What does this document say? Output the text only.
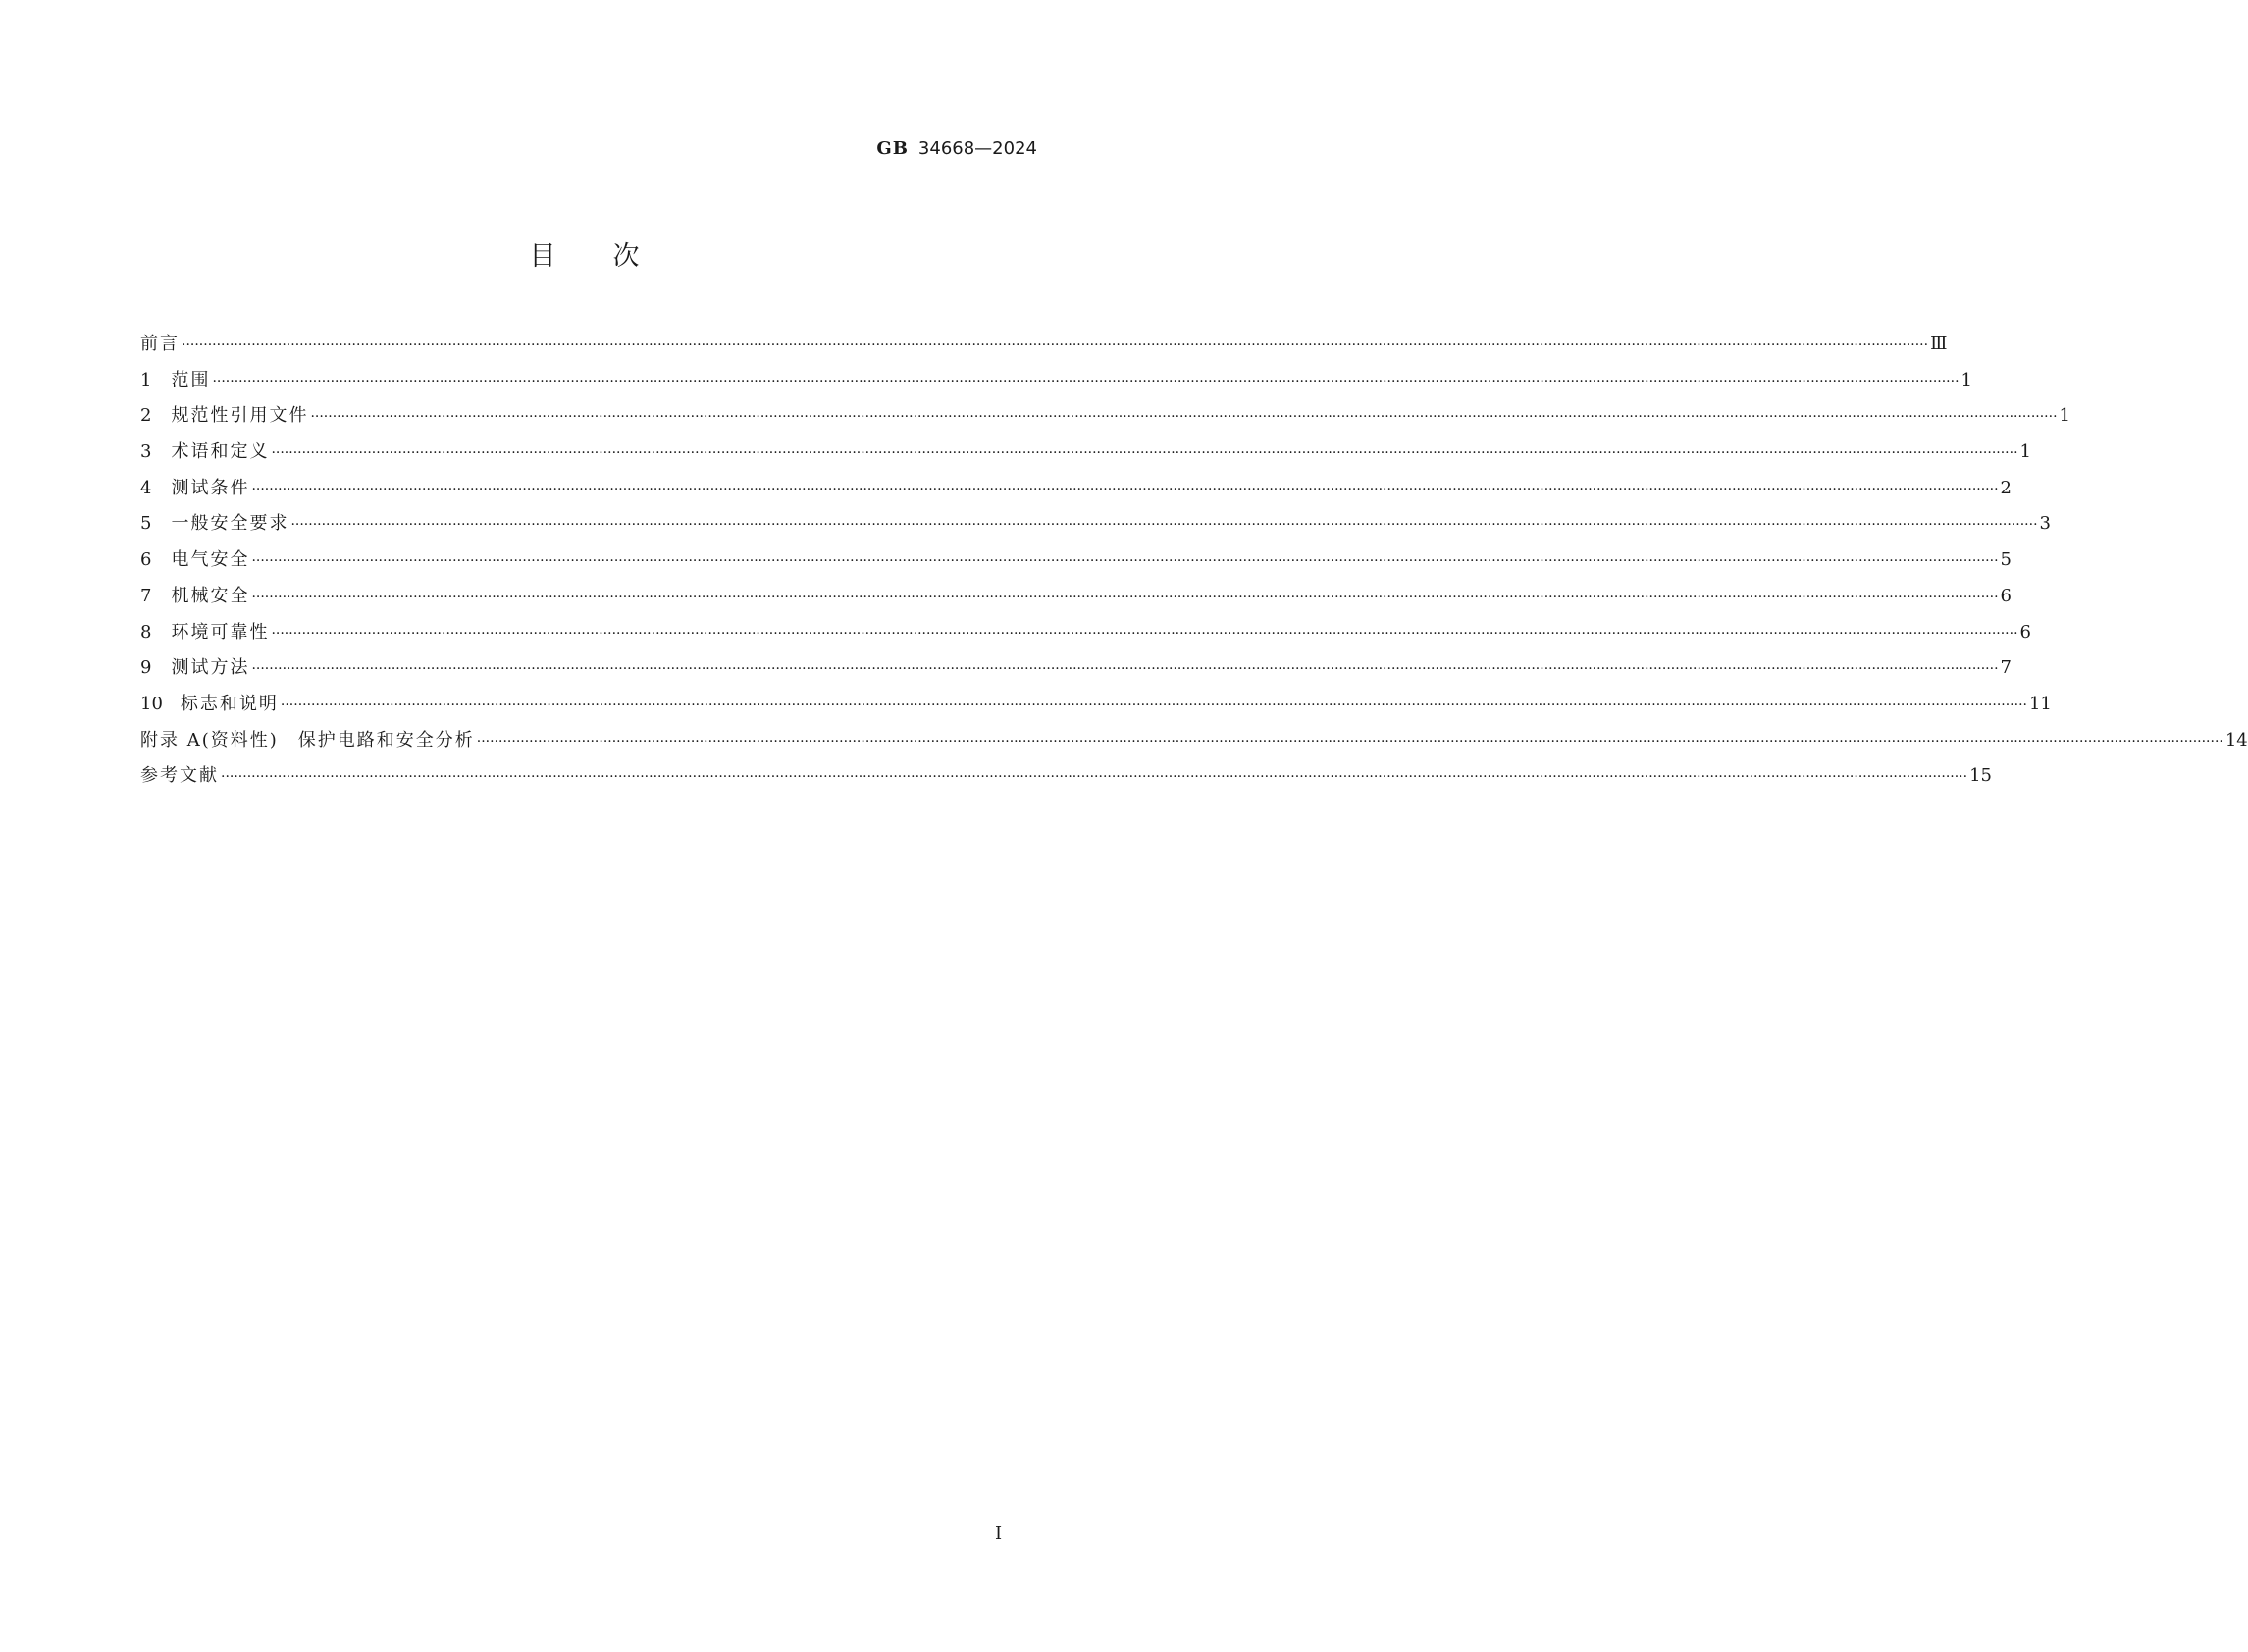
GB 34668—2024
目次
前言 ················································································································································································································································································································································································································ Ⅲ
1 范围 ················································································································································································································································································································································································································ 1
2 规范性引用文件 ················································································································································································································································································································································································································ 1
3 术语和定义 ················································································································································································································································································································································································································ 1
4 测试条件 ················································································································································································································································································································································································································ 2
5 一般安全要求 ················································································································································································································································································································································································································ 3
6 电气安全 ················································································································································································································································································································································································································ 5
7 机械安全 ················································································································································································································································································································································································································ 6
8 环境可靠性 ················································································································································································································································································································································································································ 6
9 测试方法 ················································································································································································································································································································································································································ 7
10 标志和说明 ················································································································································································································································································································································································································ 11
附录 A(资料性)　保护电路和安全分析 ················································································································································································································································································································································································································ 14
参考文献 ················································································································································································································································································································································································································ 15
I
